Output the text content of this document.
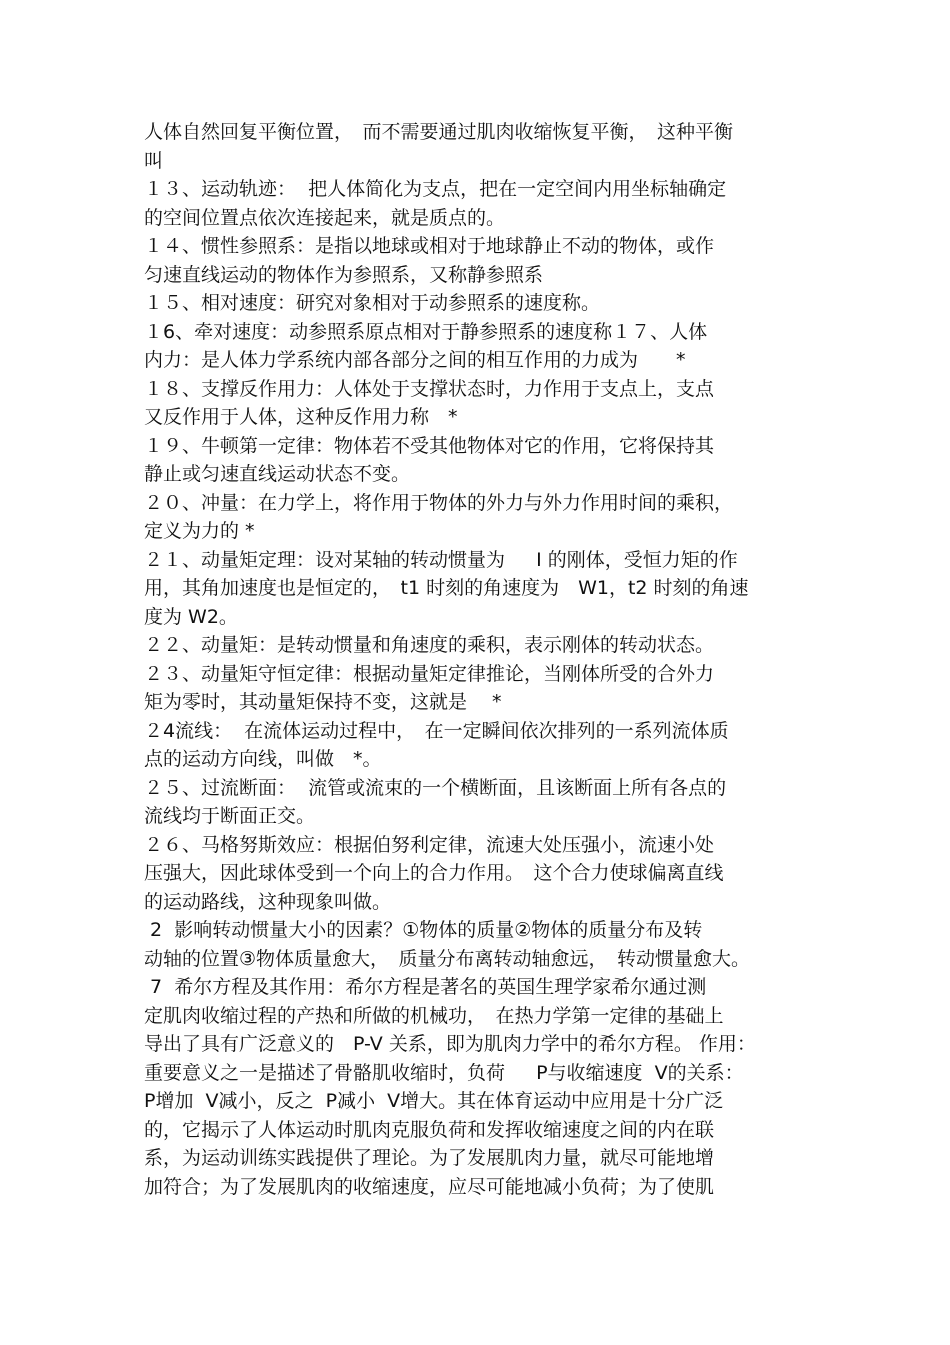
人体自然回复平衡位置，　而不需要通过肌肉收缩恢复平衡，　这种平衡
叫
１３、运动轨迹：  把人体简化为支点，把在一定空间内用坐标轴确定
的空间位置点依次连接起来，就是质点的。
１４、惯性参照系：是指以地球或相对于地球静止不动的物体，或作
匀速直线运动的物体作为参照系，又称静参照系
１５、相对速度：研究对象相对于动参照系的速度称。
１6、牵对速度：动参照系原点相对于静参照系的速度称１７、人体
内力：是人体力学系统内部各部分之间的相互作用的力成为　　*
１８、支撑反作用力：人体处于支撑状态时，力作用于支点上，支点
又反作用于人体，这种反作用力称　*
１９、牛顿第一定律：物体若不受其他物体对它的作用，它将保持其
静止或匀速直线运动状态不变。
２０、冲量：在力学上，将作用于物体的外力与外力作用时间的乘积，
定义为力的 *
２１、动量矩定理：设对某轴的转动惯量为　  I 的刚体，受恒力矩的作
用，其角加速度也是恒定的，　t1 时刻的角速度为　W1，t2 时刻的角速
度为 W2。
２２、动量矩：是转动惯量和角速度的乘积，表示刚体的转动状态。
２３、动量矩守恒定律：根据动量矩定律推论，当刚体所受的合外力
矩为零时，其动量矩保持不变，这就是　 *
２4流线：  在流体运动过程中，　在一定瞬间依次排列的一系列流体质
点的运动方向线，叫做　*。
２５、过流断面：  流管或流束的一个横断面，且该断面上所有各点的
流线均于断面正交。
２６、马格努斯效应：根据伯努利定律，流速大处压强小，流速小处
压强大，因此球体受到一个向上的合力作用。　这个合力使球偏离直线
的运动路线，这种现象叫做。
2  影响转动惯量大小的因素？①物体的质量②物体的质量分布及转
动轴的位置③物体质量愈大，　质量分布离转动轴愈远，　转动惯量愈大。
7  希尔方程及其作用：希尔方程是著名的英国生理学家希尔通过测
定肌肉收缩过程的产热和所做的机械功，　在热力学第一定律的基础上
导出了具有广泛意义的　P-V 关系，即为肌肉力学中的希尔方程。 作用：
重要意义之一是描述了骨骼肌收缩时，负荷　  P与收缩速度  V的关系：
P增加  V减小，反之  P减小  V增大。其在体育运动中应用是十分广泛
的，它揭示了人体运动时肌肉克服负荷和发挥收缩速度之间的内在联
系，为运动训练实践提供了理论。为了发展肌肉力量，就尽可能地增
加符合；为了发展肌肉的收缩速度，应尽可能地减小负荷；为了使肌
